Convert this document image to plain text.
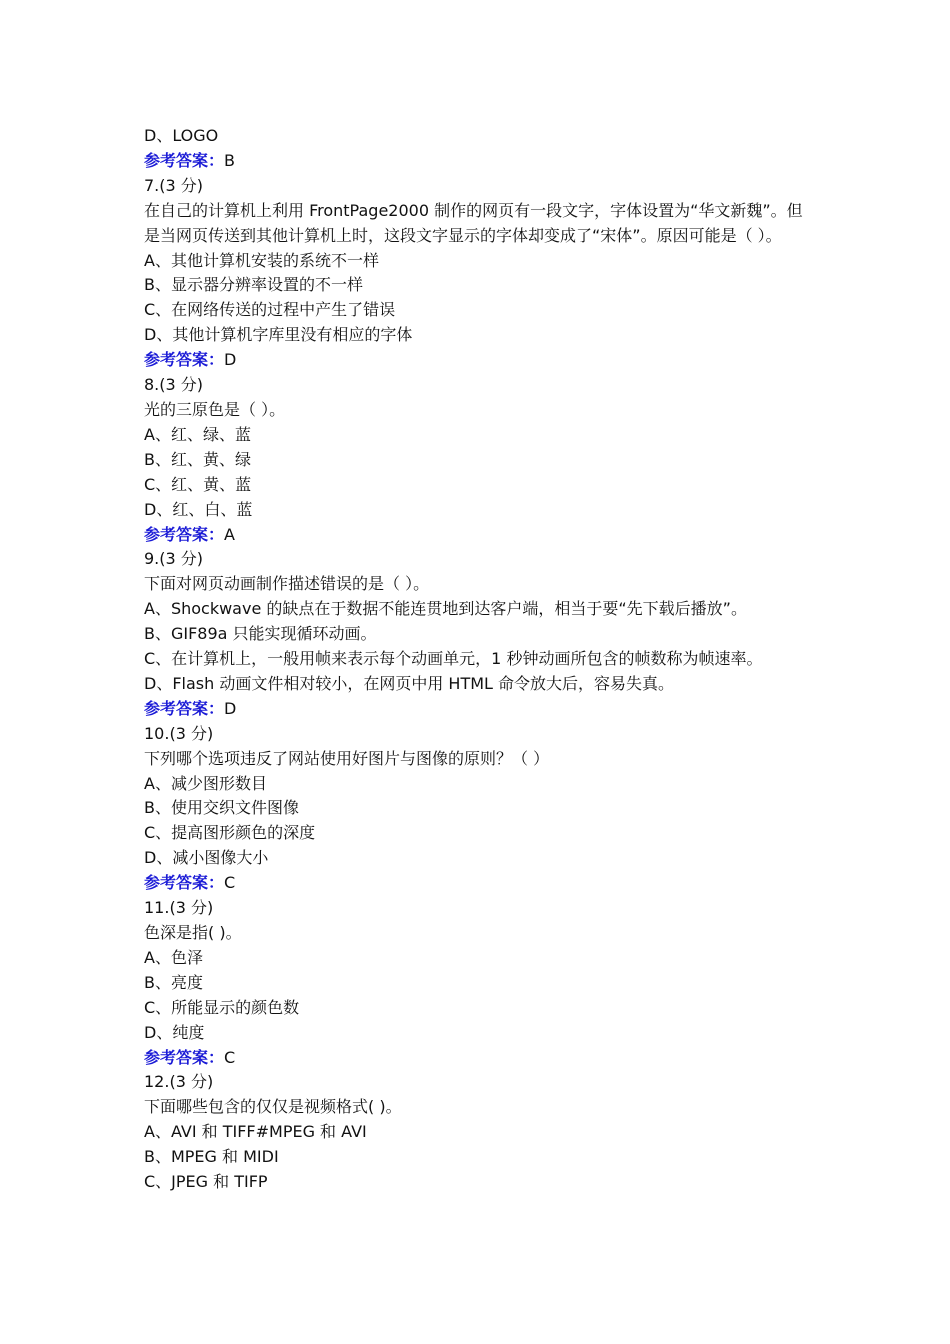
D、LOGO

参考答案：B

7.(3 分)

在自己的计算机上利用 FrontPage2000 制作的网页有一段文字，字体设置为“华文新魏”。但是当网页传送到其他计算机上时，这段文字显示的字体却变成了“宋体”。原因可能是（ ）。

A、其他计算机安装的系统不一样

B、显示器分辨率设置的不一样

C、在网络传送的过程中产生了错误

D、其他计算机字库里没有相应的字体

参考答案：D

8.(3 分)

光的三原色是（ ）。

A、红、绿、蓝

B、红、黄、绿

C、红、黄、蓝

D、红、白、蓝

参考答案：A

9.(3 分)

下面对网页动画制作描述错误的是（ ）。

A、Shockwave 的缺点在于数据不能连贯地到达客户端，相当于要“先下载后播放”。

B、GIF89a 只能实现循环动画。

C、在计算机上，一般用帧来表示每个动画单元，1 秒钟动画所包含的帧数称为帧速率。

D、Flash 动画文件相对较小，在网页中用 HTML 命令放大后，容易失真。

参考答案：D

10.(3 分)

下列哪个选项违反了网站使用好图片与图像的原则？（ ）

A、减少图形数目

B、使用交织文件图像

C、提高图形颜色的深度

D、减小图像大小

参考答案：C

11.(3 分)

色深是指( )。

A、色泽

B、亮度

C、所能显示的颜色数

D、纯度

参考答案：C

12.(3 分)

下面哪些包含的仅仅是视频格式( )。

A、AVI 和 TIFF#MPEG 和 AVI

B、MPEG 和 MIDI

C、JPEG 和 TIFP
